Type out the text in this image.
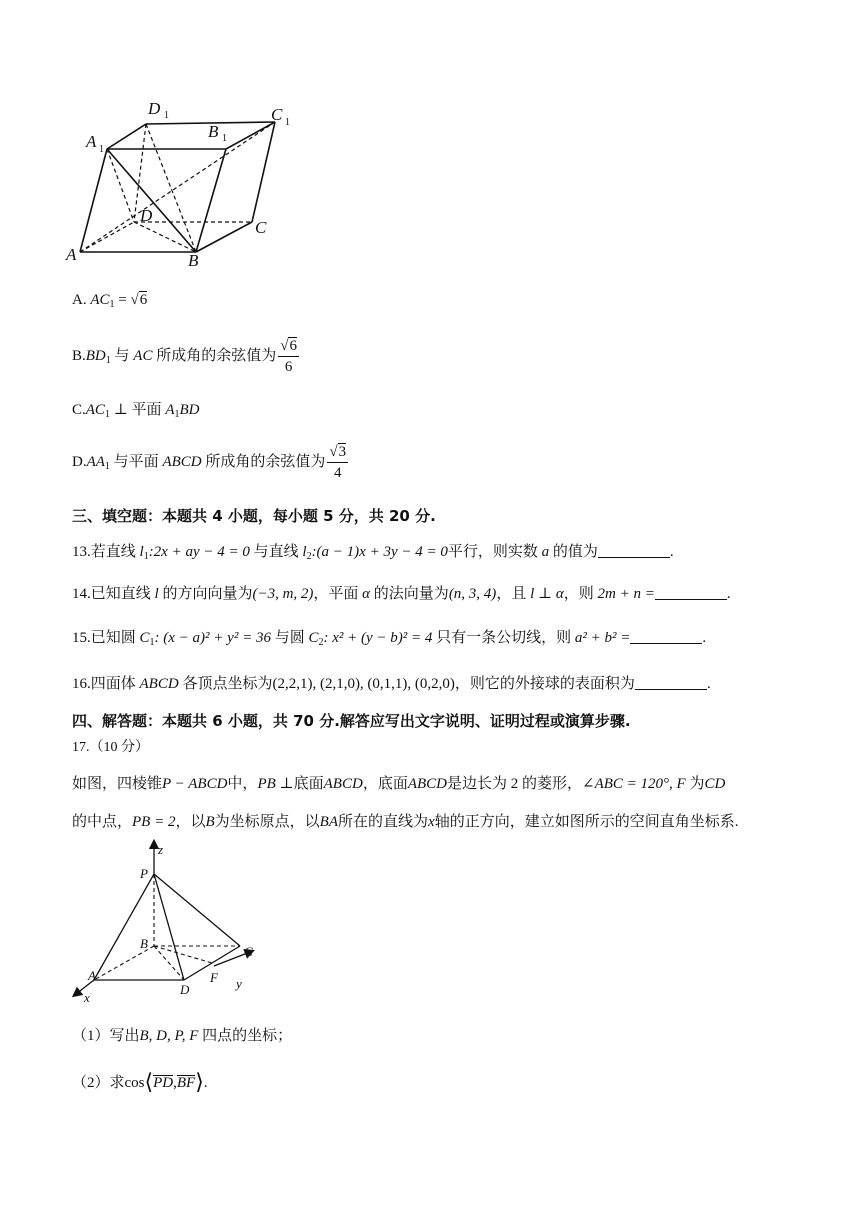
D 1
B 1
C 1
A 1
D
C
A	B
A. $AC_1 = √6$
$B.BD_1$ 与 AC 所成角的余弦值为 $\frac{√6}{6}$
$C.AC_1$ ⊥ 平面 $A_1BD$
$D.AA_1$ 与平面 ABCD 所成角的余弦值为 $\frac{√3}{4}$
三、填空题：本题共 4 小题，每小题 5 分，共 20 分.
13.若直线 $l_1:2x$ + ay − 4 = 0 与直线 $l_2:(a - 1)x + 3y - 4 = 0$平行，则实数 a 的值为	.
14.已知直线 l 的方向向量为(−3, m, 2)，平面 α 的法向量为(n, 3, 4)，且 l ⊥ α，则 2m + n =	.
15.已知圆 $C_1$: (x − a)² + y² = 36 与圆 $C_2$: x² + (y − b)² = 4 只有一条公切线，则 a² + b² =	.
16.四面体 ABCD 各顶点坐标为(2,2,1), (2,1,0), (0,1,1), (0,2,0)，则它的外接球的表面积为	.
四、解答题：本题共 6 小题，共 70 分.解答应写出文字说明、证明过程或演算步骤.
17.（10 分）
如图，四棱锥P − ABCD中，PB ⊥底面ABCD，底面ABCD是边长为 2 的菱形，∠ABC = 120°, F 为CD
的中点，PB = 2，以B为坐标原点，以BA所在的直线为x轴的正方向，建立如图所示的空间直角坐标系.
z
P
B
C
A
D
F y
x
（1）写出B, D, P, F 四点的坐标；
（2）求cos⟨PD,BF⟩.
